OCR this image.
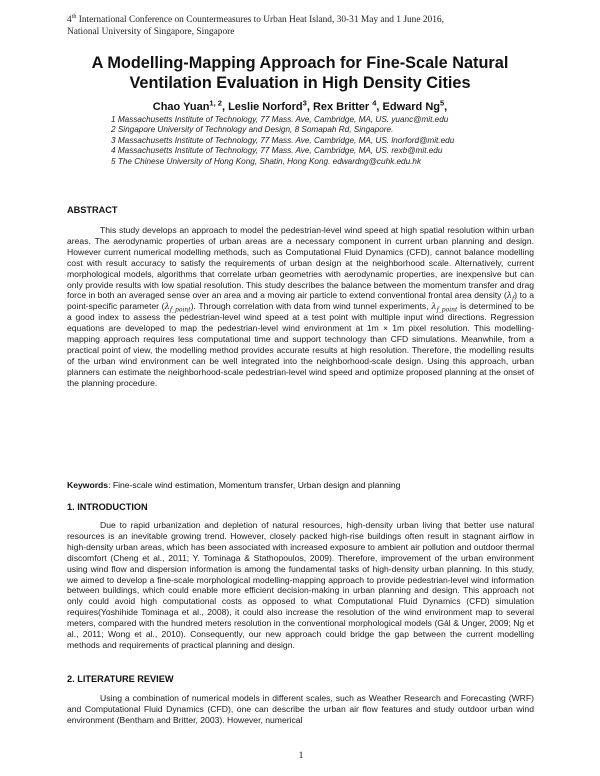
4th International Conference on Countermeasures to Urban Heat Island, 30-31 May and 1 June 2016,
National University of Singapore, Singapore
A Modelling-Mapping Approach for Fine-Scale Natural
Ventilation Evaluation in High Density Cities
Chao Yuan$^{1, 2}$, Leslie Norford$^3$, Rex Britter $^4$, Edward Ng$^5$,
1 Massachusetts Institute of Technology, 77 Mass. Ave, Cambridge, MA, US. yuanc@mit.edu
2 Singapore University of Technology and Design, 8 Somapah Rd, Singapore.
3 Massachusetts Institute of Technology, 77 Mass. Ave, Cambridge, MA, US. lnorford@mit.edu
4 Massachusetts Institute of Technology, 77 Mass. Ave, Cambridge, MA, US. rexb@mit.edu
5 The Chinese University of Hong Kong, Shatin, Hong Kong. edwardng@cuhk.edu.hk
ABSTRACT

This study develops an approach to model the pedestrian-level wind speed at high spatial resolution within urban areas. The aerodynamic properties of urban areas are a necessary component in current urban planning and design. However current numerical modelling methods, such as Computational Fluid Dynamics (CFD), cannot balance modelling cost with result accuracy to satisfy the requirements of urban design at the neighborhood scale. Alternatively, current morphological models, algorithms that correlate urban geometries with aerodynamic properties, are inexpensive but can only provide results with low spatial resolution. This study describes the balance between the momentum transfer and drag force in both an averaged sense over an area and a moving air particle to extend conventional frontal area density $(\lambda_f)$ to a point-specific parameter $(\lambda_{f\_point})$. Through correlation with data from wind tunnel experiments, $\lambda_{f\_point}$ is determined to be a good index to assess the pedestrian-level wind speed at a test point with multiple input wind directions. Regression equations are developed to map the pedestrian-level wind environment at 1m × 1m pixel resolution. This modelling-mapping approach requires less computational time and support technology than CFD simulations. Meanwhile, from a practical point of view, the modelling method provides accurate results at high resolution. Therefore, the modelling results of the urban wind environment can be well integrated into the neighborhood-scale design. Using this approach, urban planners can estimate the neighborhood-scale pedestrian-level wind speed and optimize proposed planning at the onset of the planning procedure.

Keywords: Fine-scale wind estimation, Momentum transfer, Urban design and planning
1. INTRODUCTION

Due to rapid urbanization and depletion of natural resources, high-density urban living that better use natural resources is an inevitable growing trend. However, closely packed high-rise buildings often result in stagnant airflow in high-density urban areas, which has been associated with increased exposure to ambient air pollution and outdoor thermal discomfort (Cheng et al., 2011; Y. Tominaga & Stathopoulos, 2009). Therefore, improvement of the urban environment using wind flow and dispersion information is among the fundamental tasks of high-density urban planning. In this study, we aimed to develop a fine-scale morphological modelling-mapping approach to provide pedestrian-level wind information between buildings, which could enable more efficient decision-making in urban planning and design. This approach not only could avoid high computational costs as opposed to what Computational Fluid Dynamics (CFD) simulation requires(Yoshihide Tominaga et al., 2008), it could also increase the resolution of the wind environment map to several meters, compared with the hundred meters resolution in the conventional morphological models (Gál & Unger, 2009; Ng et al., 2011; Wong et al., 2010). Consequently, our new approach could bridge the gap between the current modelling methods and requirements of practical planning and design.

2. LITERATURE REVIEW

Using a combination of numerical models in different scales, such as Weather Research and Forecasting (WRF) and Computational Fluid Dynamics (CFD), one can describe the urban air flow features and study outdoor urban wind environment (Bentham and Britter, 2003). However, numerical

1
